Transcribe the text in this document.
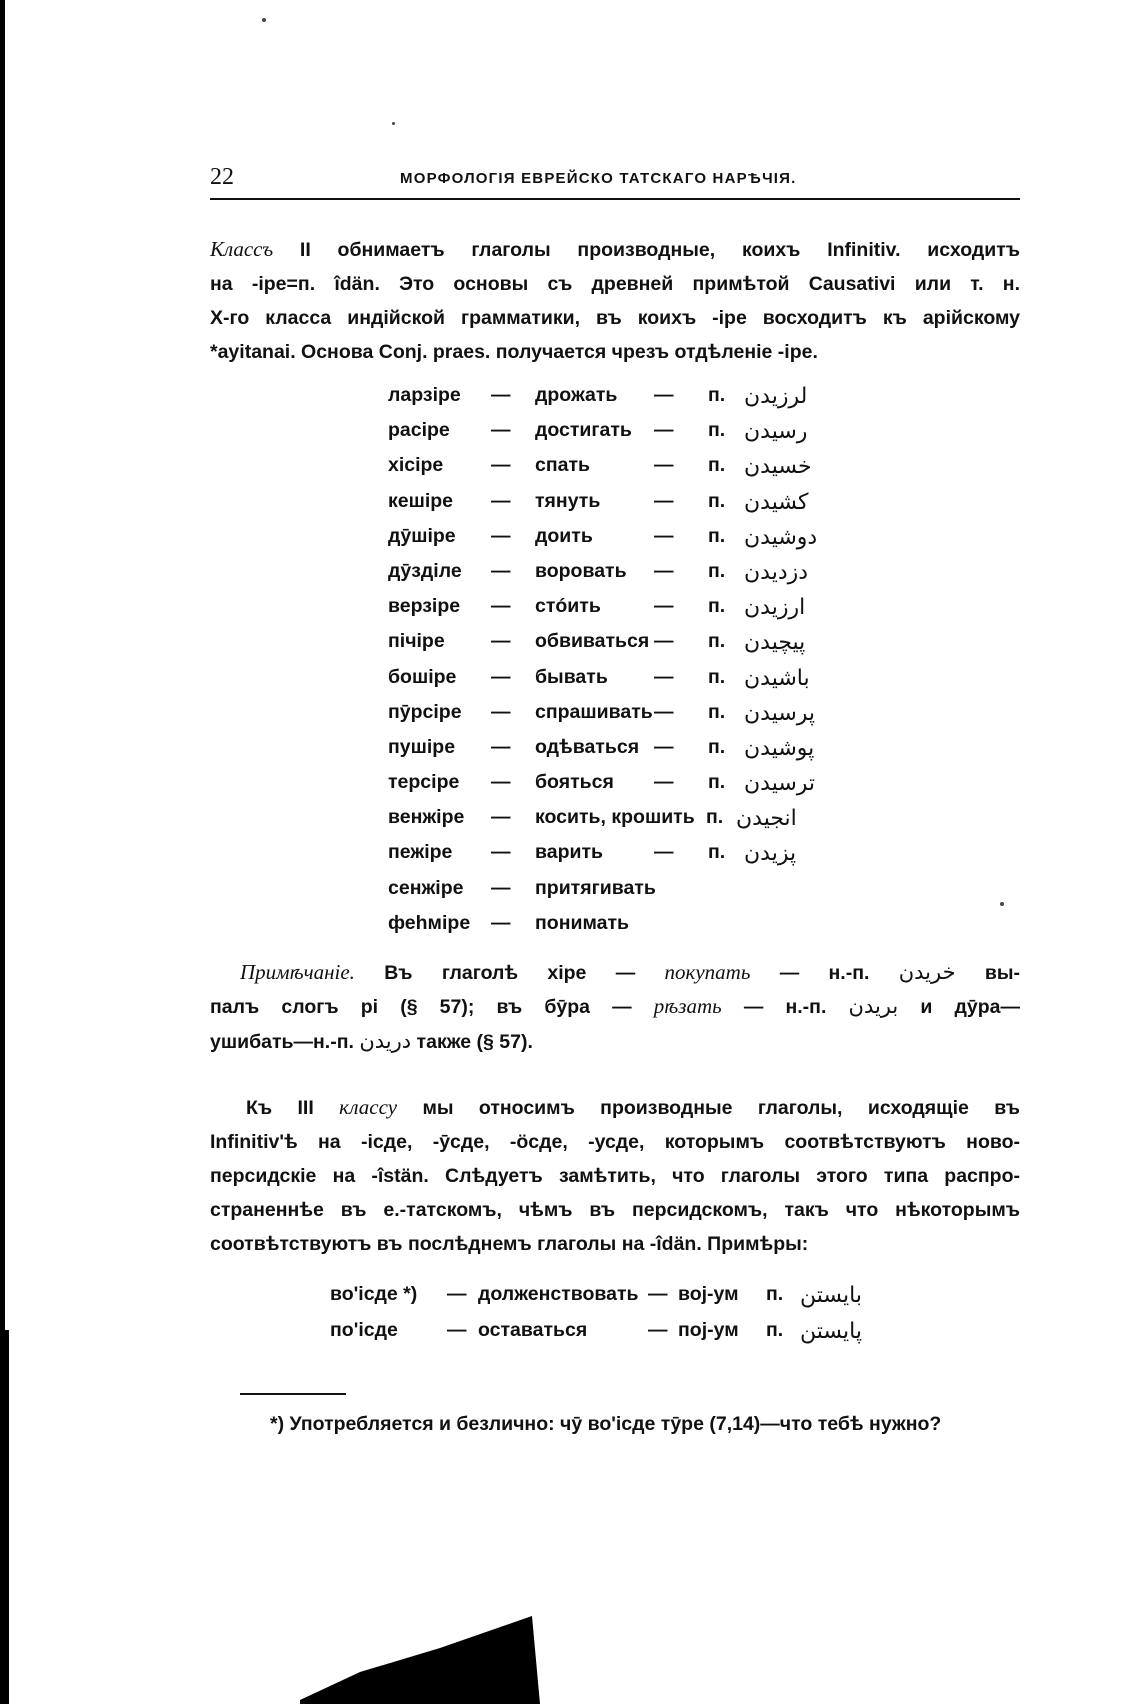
22	МОРФОЛОГІЯ ЕВРЕЙСКО ТАТСКАГО НАРѢЧІЯ.
Классъ II обнимаетъ глаголы производные, коихъ Infinitiv. исходитъ
на -іре=п. îdän. Это основы съ древней примѣтой Causativi или т. н.
X-го класса индійской грамматики, въ коихъ -іре восходитъ къ арійскому
*ayitanai. Основа Conj. praes. получается чрезъ отдѣленіе -іре.
ларзіре — дрожать — п. لرزیدن
расіре — достигать — п. رسیدن
хісіре — спать	— п. خسیدن
кешіре — тянуть	— п. کشیدن
дӯшіре — доить	— п. دوشیدن
дӯзділе — воровать — п. دزدیدن
верзіре — стóить	— п. ارزیدن
пічіре — обвиваться — п. پیچیدن
бошіре — бывать — п. باشیدن
пӯрсіре — спрашивать — п. پرسیدن
пушіре — одѣваться — п. پوشیدن
терсіре — бояться — п. ترسیدن
венжіре — косить, крошить п. انجیدن
пежіре — варить	— п. پزیدن
сенжіре — притягивать
феhміре — понимать
Примѣчаніе. Въ глаголѣ хіре — покупать — н.-п. خریدن вы-
палъ слогъ рі (§ 57); въ бӯра — рѣзать — н.-п. بریدن и дӯра—
ушибать—н.-п. دریدن также (§ 57).
Къ III классу мы относимъ производные глаголы, исходящіе въ
Infinitiv'ѣ на -ісде, -ӯсде, -öсде, -усде, которымъ соотвѣтствуютъ ново-
персидскіе на -îstän. Слѣдуетъ замѣтить, что глаголы этого типа распро-
страненнѣе въ е.-татскомъ, чѣмъ въ персидскомъ, такъ что нѣкоторымъ
соотвѣтствуютъ въ послѣднемъ глаголы на -îdän. Примѣры:
во'ісде *) — долженствовать — воj-ум п. بایستن
по'ісде	— оставаться	— поj-ум п. پایستن
*) Употребляется и безлично: чӯ во'ісде тӯре (7,14)—что тебѣ нужно?
